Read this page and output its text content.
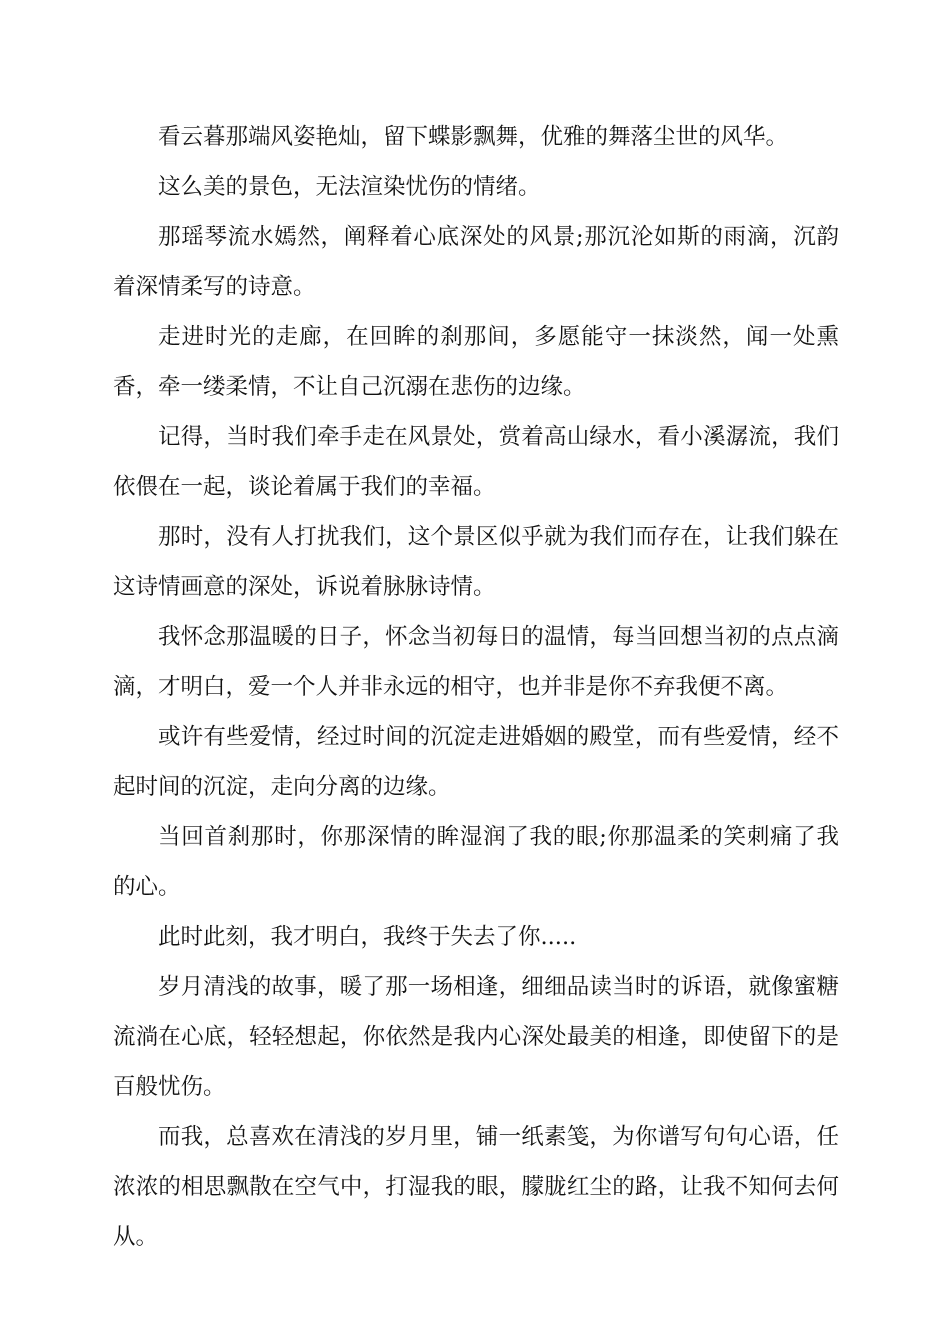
看云暮那端风姿艳灿，留下蝶影飘舞，优雅的舞落尘世的风华。

这么美的景色，无法渲染忧伤的情绪。

那瑶琴流水嫣然，阐释着心底深处的风景;那沉沦如斯的雨滴，沉韵着深情柔写的诗意。

走进时光的走廊，在回眸的刹那间，多愿能守一抹淡然，闻一处熏香，牵一缕柔情，不让自己沉溺在悲伤的边缘。

记得，当时我们牵手走在风景处，赏着高山绿水，看小溪潺流，我们依偎在一起，谈论着属于我们的幸福。

那时，没有人打扰我们，这个景区似乎就为我们而存在，让我们躲在这诗情画意的深处，诉说着脉脉诗情。

我怀念那温暖的日子，怀念当初每日的温情，每当回想当初的点点滴滴，才明白，爱一个人并非永远的相守，也并非是你不弃我便不离。

或许有些爱情，经过时间的沉淀走进婚姻的殿堂，而有些爱情，经不起时间的沉淀，走向分离的边缘。

当回首刹那时，你那深情的眸湿润了我的眼;你那温柔的笑刺痛了我的心。

此时此刻，我才明白，我终于失去了你.....

岁月清浅的故事，暖了那一场相逢，细细品读当时的诉语，就像蜜糖流淌在心底，轻轻想起，你依然是我内心深处最美的相逢，即使留下的是百般忧伤。

而我，总喜欢在清浅的岁月里，铺一纸素笺，为你谱写句句心语，任浓浓的相思飘散在空气中，打湿我的眼，朦胧红尘的路，让我不知何去何从。
